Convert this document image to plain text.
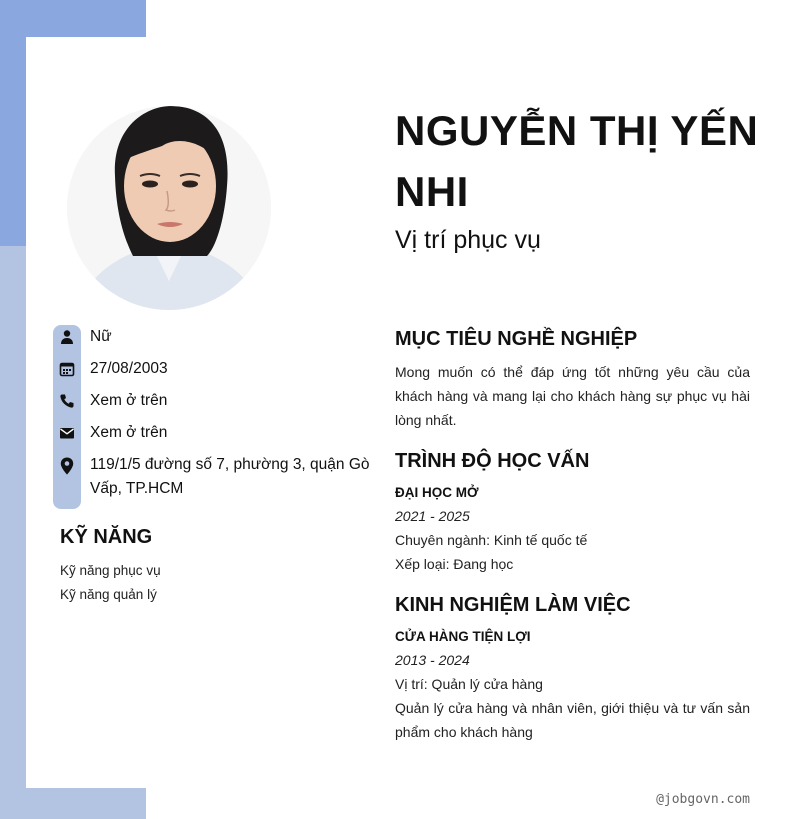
Nữ
27/08/2003
Xem ở trên
Xem ở trên
119/1/5 đường số 7, phường 3, quận Gò Vấp, TP.HCM
KỸ NĂNG
Kỹ năng phục vụ
Kỹ năng quản lý
NGUYỄN THỊ YẾN NHI
Vị trí phục vụ
MỤC TIÊU NGHỀ NGHIỆP

Mong muốn có thể đáp ứng tốt những yêu cầu của khách hàng và mang lại cho khách hàng sự phục vụ hài lòng nhất.

TRÌNH ĐỘ HỌC VẤN
ĐẠI HỌC MỞ
2021 - 2025
Chuyên ngành: Kinh tế quốc tế
Xếp loại: Đang học
KINH NGHIỆM LÀM VIỆC
CỬA HÀNG TIỆN LỢI
2013 - 2024
Vị trí: Quản lý cửa hàng

Quản lý cửa hàng và nhân viên, giới thiệu và tư vấn sản phẩm cho khách hàng

@jobgovn.com
